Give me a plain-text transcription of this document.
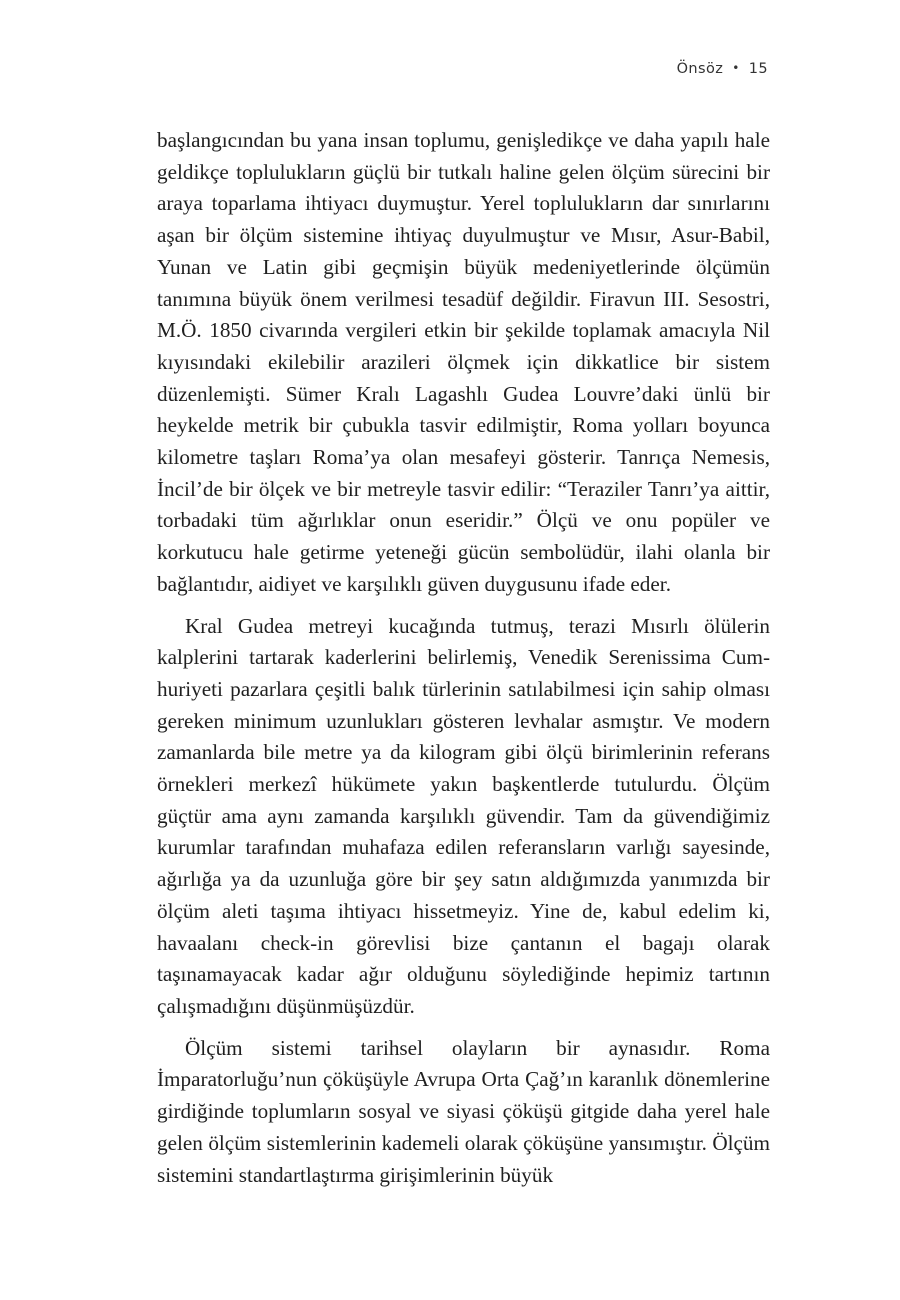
Önsöz • 15

başlangıcından bu yana insan toplumu, genişledikçe ve daha yapılı hale geldikçe toplulukların güçlü bir tutkalı haline gelen ölçüm sürecini bir araya toparlama ihtiyacı duymuştur. Yerel toplulukların dar sınırlarını aşan bir ölçüm sistemine ihtiyaç duyulmuştur ve Mısır, Asur-Babil, Yunan ve Latin gibi geçmişin büyük medeniyetlerinde ölçümün tanımına büyük önem verilmesi tesadüf değildir. Firavun III. Sesostri, M.Ö. 1850 civarında vergileri etkin bir şekilde toplamak amacıyla Nil kıyısındaki ekilebilir arazileri ölçmek için dikkatlice bir sistem düzenlemişti. Sümer Kralı Lagashlı Gudea Louvre’daki ünlü bir heykelde metrik bir çubukla tasvir edilmiştir, Roma yolları boyunca kilometre taşları Roma’ya olan mesafeyi gösterir. Tanrıça Nemesis, İncil’de bir ölçek ve bir metreyle tasvir edilir: “Teraziler Tanrı’ya aittir, torbadaki tüm ağırlıklar onun eseridir.” Ölçü ve onu popüler ve korkutucu hale getirme yeteneği gücün sembolüdür, ilahi olanla bir bağlantıdır, aidiyet ve karşılıklı güven duygusunu ifade eder.

Kral Gudea metreyi kucağında tutmuş, terazi Mısırlı ölülerin kalplerini tartarak kaderlerini belirlemiş, Venedik Serenissima Cumhuriyeti pazarlara çeşitli balık türlerinin satılabilmesi için sahip olması gereken minimum uzunlukları gösteren levhalar asmıştır. Ve modern zamanlarda bile metre ya da kilogram gibi ölçü birimlerinin referans örnekleri merkezî hükümete yakın başkentlerde tutulurdu. Ölçüm güçtür ama aynı zamanda karşılıklı güvendir. Tam da güvendiğimiz kurumlar tarafından muhafaza edilen referansların varlığı sayesinde, ağırlığa ya da uzunluğa göre bir şey satın aldığımızda yanımızda bir ölçüm aleti taşıma ihtiyacı hissetmeyiz. Yine de, kabul edelim ki, havaalanı check-in görevlisi bize çantanın el bagajı olarak taşınamayacak kadar ağır olduğunu söylediğinde hepimiz tartının çalışmadığını düşünmüşüzdür.

Ölçüm sistemi tarihsel olayların bir aynasıdır. Roma İmparatorluğu’nun çöküşüyle Avrupa Orta Çağ’ın karanlık dönemlerine girdiğinde toplumların sosyal ve siyasi çöküşü gitgide daha yerel hale gelen ölçüm sistemlerinin kademeli olarak çöküşüne yansımıştır. Ölçüm sistemini standartlaştırma girişimlerinin büyük
